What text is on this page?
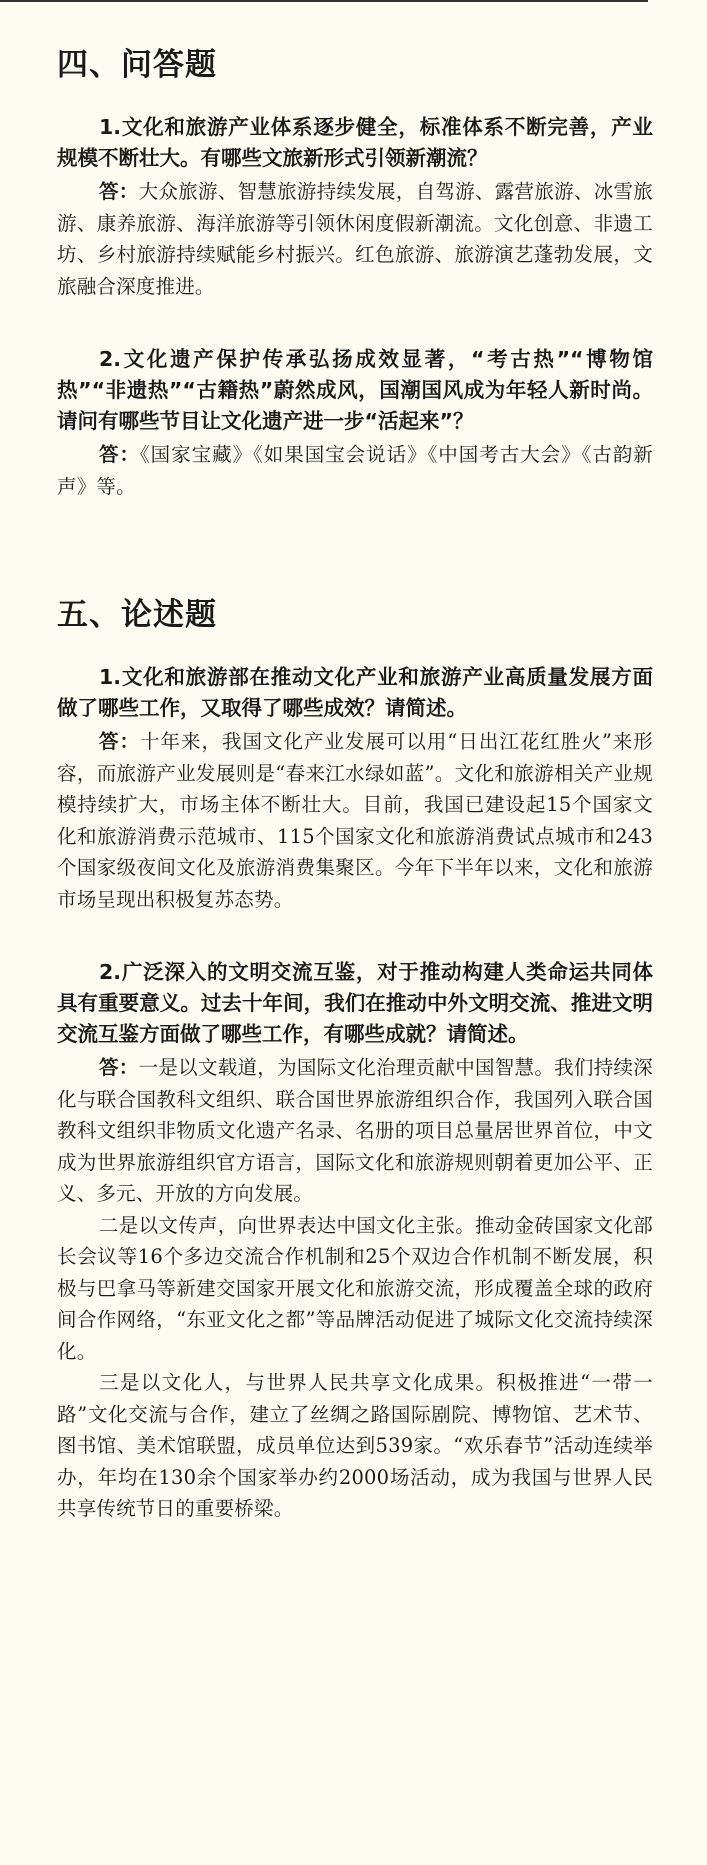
四、问答题

1.文化和旅游产业体系逐步健全，标准体系不断完善，产业规模不断壮大。有哪些文旅新形式引领新潮流？

答：大众旅游、智慧旅游持续发展，自驾游、露营旅游、冰雪旅游、康养旅游、海洋旅游等引领休闲度假新潮流。文化创意、非遗工坊、乡村旅游持续赋能乡村振兴。红色旅游、旅游演艺蓬勃发展，文旅融合深度推进。

2.文化遗产保护传承弘扬成效显著，“考古热”“博物馆热”“非遗热”“古籍热”蔚然成风，国潮国风成为年轻人新时尚。请问有哪些节目让文化遗产进一步“活起来”？

答：《国家宝藏》《如果国宝会说话》《中国考古大会》《古韵新声》等。

五、论述题

1.文化和旅游部在推动文化产业和旅游产业高质量发展方面做了哪些工作，又取得了哪些成效？请简述。

答：十年来，我国文化产业发展可以用“日出江花红胜火”来形容，而旅游产业发展则是“春来江水绿如蓝”。文化和旅游相关产业规模持续扩大，市场主体不断壮大。目前，我国已建设起15个国家文化和旅游消费示范城市、115个国家文化和旅游消费试点城市和243个国家级夜间文化及旅游消费集聚区。今年下半年以来，文化和旅游市场呈现出积极复苏态势。

2.广泛深入的文明交流互鉴，对于推动构建人类命运共同体具有重要意义。过去十年间，我们在推动中外文明交流、推进文明交流互鉴方面做了哪些工作，有哪些成就？请简述。

答：一是以文载道，为国际文化治理贡献中国智慧。我们持续深化与联合国教科文组织、联合国世界旅游组织合作，我国列入联合国教科文组织非物质文化遗产名录、名册的项目总量居世界首位，中文成为世界旅游组织官方语言，国际文化和旅游规则朝着更加公平、正义、多元、开放的方向发展。

二是以文传声，向世界表达中国文化主张。推动金砖国家文化部长会议等16个多边交流合作机制和25个双边合作机制不断发展，积极与巴拿马等新建交国家开展文化和旅游交流，形成覆盖全球的政府间合作网络，“东亚文化之都”等品牌活动促进了城际文化交流持续深化。

三是以文化人，与世界人民共享文化成果。积极推进“一带一路”文化交流与合作，建立了丝绸之路国际剧院、博物馆、艺术节、图书馆、美术馆联盟，成员单位达到539家。“欢乐春节”活动连续举办，年均在130余个国家举办约2000场活动，成为我国与世界人民共享传统节日的重要桥梁。
